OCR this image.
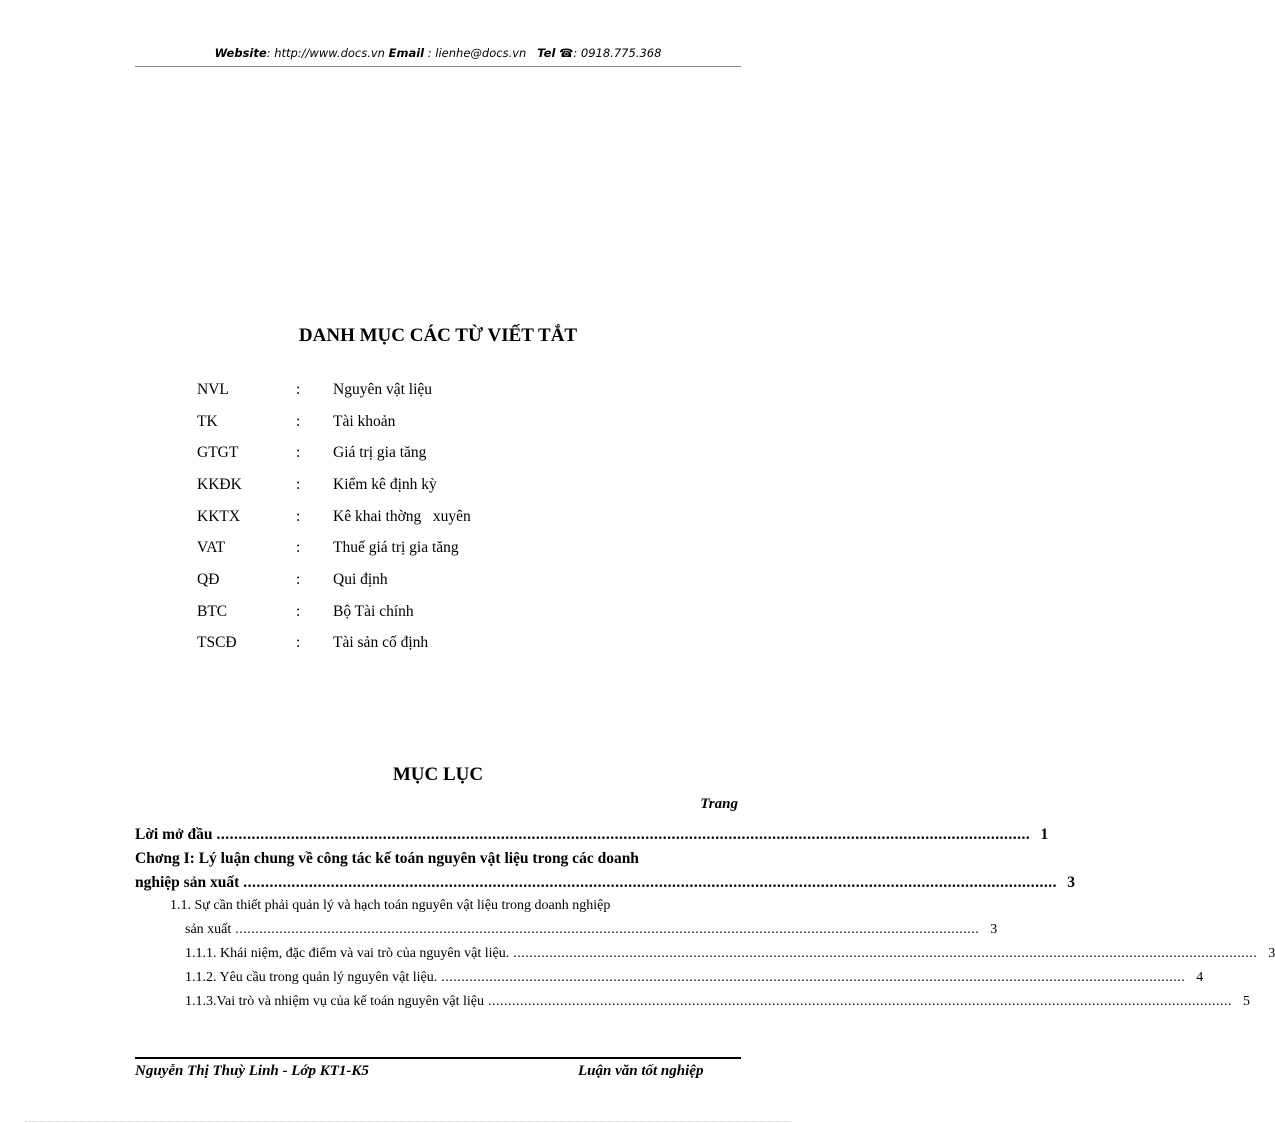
Website: http://www.docs.vn Email : lienhe@docs.vn Tel ☎: 0918.775.368
DANH MỤC CÁC TỪ VIẾT TẮT
NVL	: Nguyên vật liệu
TK	: Tài khoản
GTGT	: Giá trị gia tăng
KKĐK	: Kiểm kê định kỳ
KKTX	: Kê khai thờng   xuyên
VAT	: Thuế giá trị gia tăng
QĐ	: Qui định
BTC	: Bộ Tài chính
TSCĐ	: Tài sản cố định
MỤC LỤC
Trang
Lời mở đầu .......................................................................................................................................................................................... 1
Chơng I: Lý luận chung về công tác kế toán nguyên vật liệu trong các doanh
nghiệp sản xuất .......................................................................................................................................................................................... 3
1.1. Sự cần thiết phải quản lý và hạch toán nguyên vật liệu trong doanh nghiệp
sản xuất .......................................................................................................................................................................................... 3
1.1.1. Khái niệm, đặc điểm và vai trò của nguyên vật liệu. .......................................................................................................................................................................................... 3
1.1.2. Yêu cầu trong quản lý nguyên vật liệu. .......................................................................................................................................................................................... 4
1.1.3.Vai trò và nhiệm vụ của kế toán nguyên vật liệu .......................................................................................................................................................................................... 5
Nguyễn Thị Thuỳ Linh - Lớp KT1-K5	Luận văn tốt nghiệp
